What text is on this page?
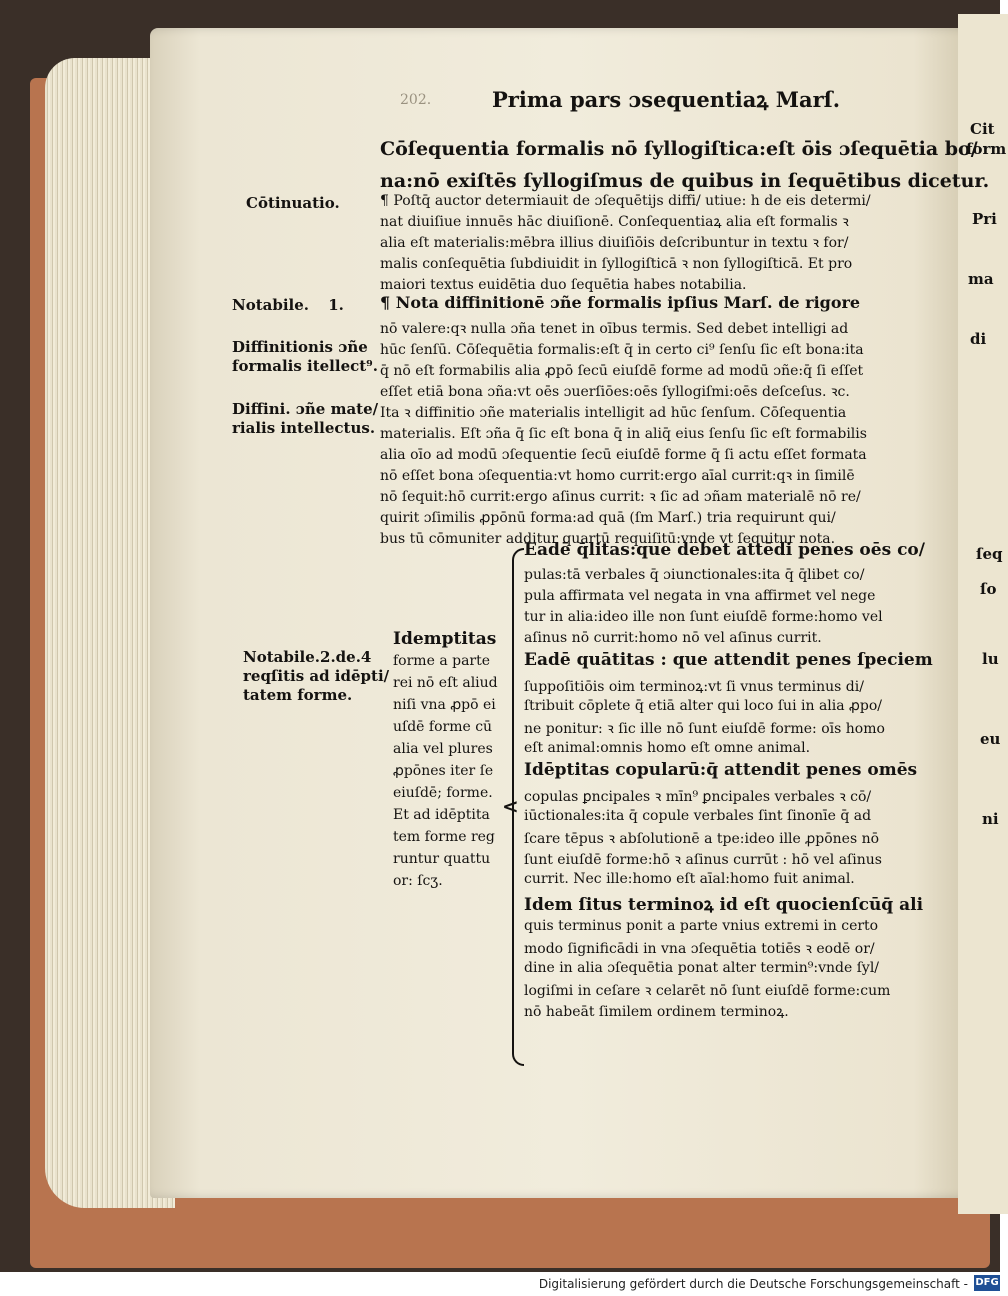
202.	Prima pars ɔsequentiaꝝ Marſ.
Cōtinuatio.
Notabile. 1.
Diffinitionis ɔñe
formalis itellect⁹.
Diffini. ɔñe mate/
rialis intellectus.
Notabile.2.de.4
reqſitis ad idēpti/
tatem forme.
Cōſequentia formalis nō ſyllogiſtica:eſt ōis ɔſequētia bo/
na:nō exiſtēs ſyllogiſmus de quibus in ſequētibus dicetur.
¶ Poſtq̄ auctor determiauit de ɔſequētijs diffi/ utiue: h de eis determi/
nat diuiſiue innuēs hāc diuiſionē. Conſequentiaꝝ alia eſt formalis ꝛ
alia eſt materialis:mēbra illius diuiſiōis deſcribuntur in textu ꝛ for/
malis conſequētia ſubdiuidit in ſyllogiſticā ꝛ non ſyllogiſticā. Et pro
maiori textus euidētia duo ſequētia habes notabilia.
¶ Nota diffinitionē ɔñe formalis ipſius Marſ. de rigore
nō valere:qꝛ nulla ɔña tenet in oībus termis. Sed debet intelligi ad
hūc ſenſū. Cōſequētia formalis:eſt q̄ in certo ci⁹ ſenſu ſic eſt bona:ita
q̄ nō eſt formabilis alia ꝓpō ſecū eiuſdē forme ad modū ɔñe:q̄ ſi eſſet
eſſet etiā bona ɔña:vt oēs ɔuerſiōes:oēs ſyllogiſmi:oēs deſceſus. ꝛc.
Ita ꝛ diffinitio ɔñe materialis intelligit ad hūc ſenſum. Cōſequentia
materialis. Eſt ɔña q̄ ſic eſt bona q̄ in aliq̄ eius ſenſu ſic eſt formabilis
alia oīo ad modū ɔſequentie ſecū eiuſdē forme q̄ ſi actu eſſet formata
nō eſſet bona ɔſequentia:vt homo currit:ergo aīal currit:qꝛ in ſimilē
nō ſequit:hō currit:ergo aſinus currit: ꝛ ſic ad ɔñam materialē nō re/
quirit ɔſimilis ꝓpōnū forma:ad quā (ſm Marſ.) tria requirunt qui/
bus tū cōmuniter additur quartū requiſitū:vnde vt ſequitur nota.
Idemptitas
forme a parte
rei nō eſt aliud
niſi vna ꝓpō ei
uſdē forme cū
alia vel plures
ꝓpōnes iter ſe
eiuſdē; forme.
Et ad idēptita
tem forme reg
runtur quattu
or: ſcʒ.
<
Eadē q̄litas:que debet attēdi penes oēs co/
pulas:tā verbales q̄ ɔiunctionales:ita q̄ q̄libet co/
pula affirmata vel negata in vna affirmet vel nege
tur in alia:ideo ille non ſunt eiuſdē forme:homo vel
aſinus nō currit:homo nō vel aſinus currit.
Eadē quātitas : que attendit penes ſpeciem
ſuppoſitiōis oim terminoꝝ:vt ſi vnus terminus di/
ſtribuit cōplete q̄ etiā alter qui loco ſui in alia ꝓpo/
ne ponitur: ꝛ ſic ille nō ſunt eiuſdē forme: oīs homo
eſt animal:omnis homo eſt omne animal.
Idēptitas copularū:q̄ attendit penes omēs
copulas ꝑncipales ꝛ mīn⁹ ꝑncipales verbales ꝛ cō/
iūctionales:ita q̄ copule verbales ſint ſinonīe q̄ ad
ſcare tēpus ꝛ abſolutionē a tpe:ideo ille ꝓpōnes nō
ſunt eiuſdē forme:hō ꝛ aſinus currūt : hō vel aſinus
currit. Nec ille:homo eſt aīal:homo fuit animal.
Idem ſitus terminoꝝ id eſt quocienſcūq̄ ali
quis terminus ponit a parte vnius extremi in certo
modo ſignificādi in vna ɔſequētia totiēs ꝛ eodē or/
dine in alia ɔſequētia ponat alter termin⁹:vnde ſyl/
logiſmi in ceſare ꝛ celarēt nō ſunt eiuſdē forme:cum
nō habeāt ſimilem ordinem terminoꝝ.
Cit
form
Pri
ma
di
ſeq
ſo
lu
eu
ni
Digitalisierung gefördert durch die Deutsche Forschungsgemeinschaft - DFG
